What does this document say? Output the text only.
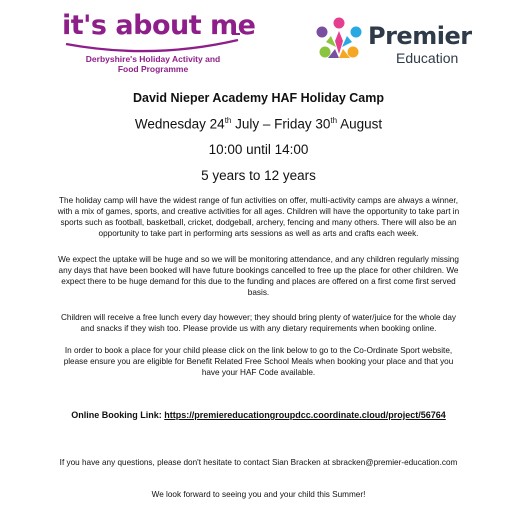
it's about me
Derbyshire's Holiday Activity and Food Programme
Premier
Education
David Nieper Academy HAF Holiday Camp
Wednesday 24th July – Friday 30th August
10:00 until 14:00
5 years to 12 years
The holiday camp will have the widest range of fun activities on offer, multi-activity camps are always a winner, with a mix of games, sports, and creative activities for all ages. Children will have the opportunity to take part in sports such as football, basketball, cricket, dodgeball, archery, fencing and many others. There will also be an opportunity to take part in performing arts sessions as well as arts and crafts each week.
We expect the uptake will be huge and so we will be monitoring attendance, and any children regularly missing any days that have been booked will have future bookings cancelled to free up the place for other children. We expect there to be huge demand for this due to the funding and places are offered on a first come first served basis.
Children will receive a free lunch every day however; they should bring plenty of water/juice for the whole day and snacks if they wish too. Please provide us with any dietary requirements when booking online.
In order to book a place for your child please click on the link below to go to the Co-Ordinate Sport website, please ensure you are eligible for Benefit Related Free School Meals when booking your place and that you have your HAF Code available.
Online Booking Link: https://premiereducationgroupdcc.coordinate.cloud/project/56764
If you have any questions, please don't hesitate to contact Sian Bracken at sbracken@premier-education.com
We look forward to seeing you and your child this Summer!
